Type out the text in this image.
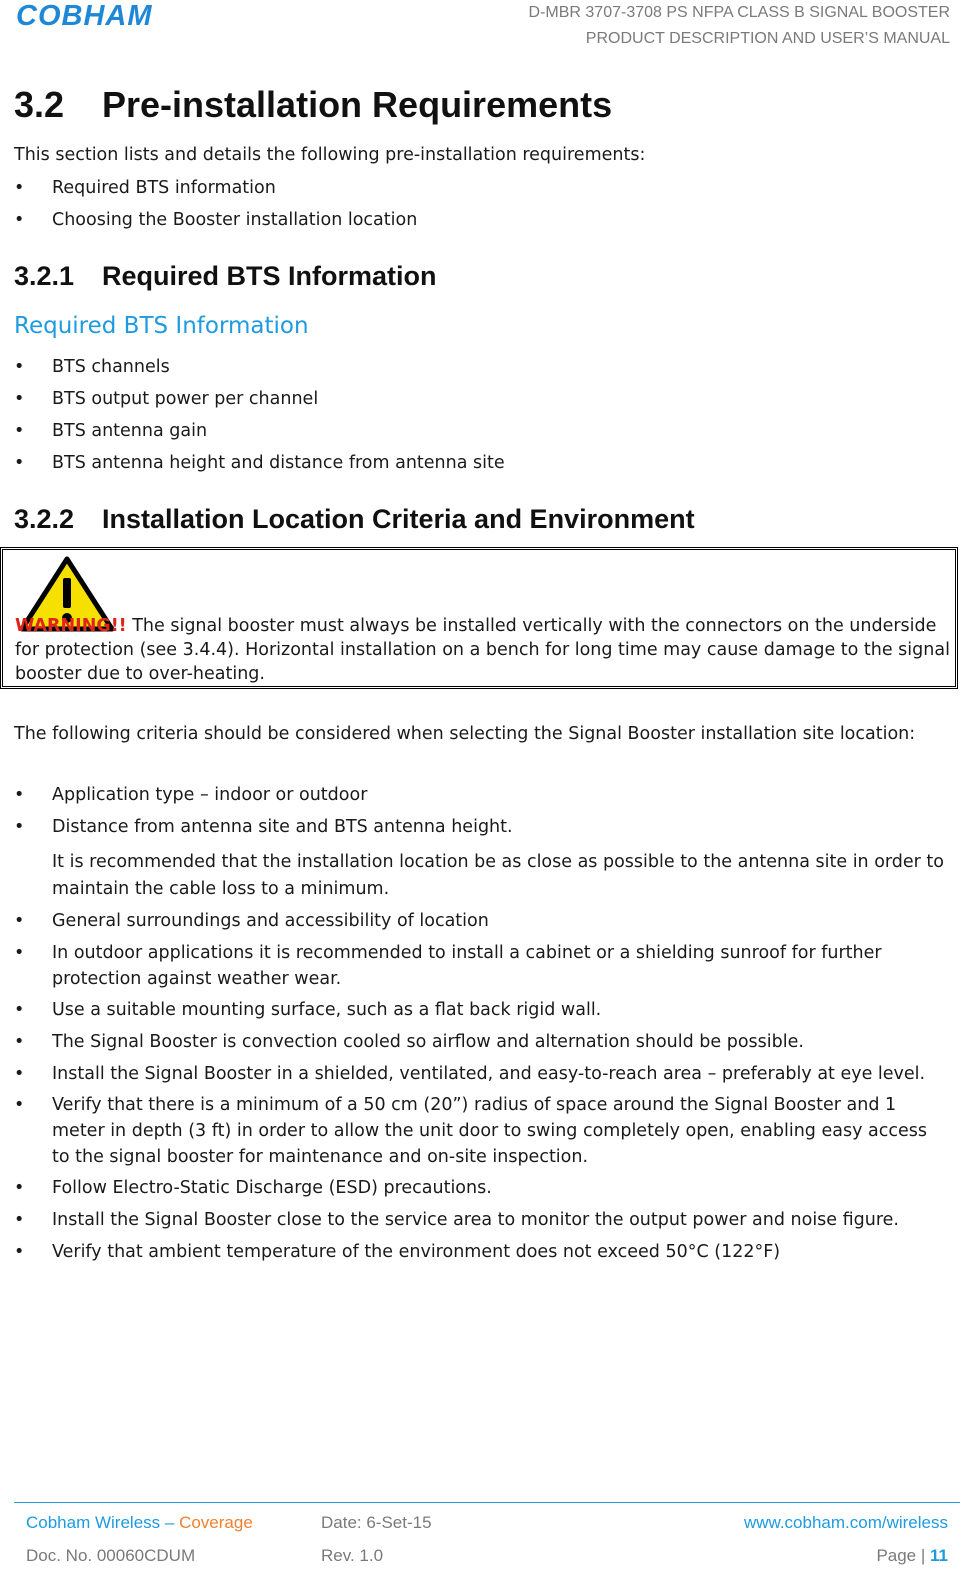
COBHAM	D-MBR 3707-3708 PS NFPA CLASS B SIGNAL BOOSTER
PRODUCT DESCRIPTION AND USER’S MANUAL
3.2 Pre-installation Requirements

This section lists and details the following pre-installation requirements:

• Required BTS information
• Choosing the Booster installation location
3.2.1 Required BTS Information
Required BTS Information
• BTS channels
• BTS output power per channel
• BTS antenna gain
• BTS antenna height and distance from antenna site
3.2.2 Installation Location Criteria and Environment
WARNING!! The signal booster must always be installed vertically with the connectors on the underside for protection (see 3.4.4). Horizontal installation on a bench for long time may cause damage to the signal booster due to over-heating.

The following criteria should be considered when selecting the Signal Booster installation site location:

• Application type – indoor or outdoor
• Distance from antenna site and BTS antenna height.
It is recommended that the installation location be as close as possible to the antenna site in order to maintain the cable loss to a minimum.
• General surroundings and accessibility of location
• In outdoor applications it is recommended to install a cabinet or a shielding sunroof for further protection against weather wear.
• Use a suitable mounting surface, such as a flat back rigid wall.
• The Signal Booster is convection cooled so airflow and alternation should be possible.
• Install the Signal Booster in a shielded, ventilated, and easy-to-reach area – preferably at eye level.
• Verify that there is a minimum of a 50 cm (20”) radius of space around the Signal Booster and 1 meter in depth (3 ft) in order to allow the unit door to swing completely open, enabling easy access to the signal booster for maintenance and on-site inspection.
• Follow Electro-Static Discharge (ESD) precautions.
• Install the Signal Booster close to the service area to monitor the output power and noise figure.
• Verify that ambient temperature of the environment does not exceed 50°C (122°F)
Cobham Wireless – Coverage	Date: 6-Set-15	www.cobham.com/wireless
Doc. No. 00060CDUM	Rev. 1.0	Page | 11
